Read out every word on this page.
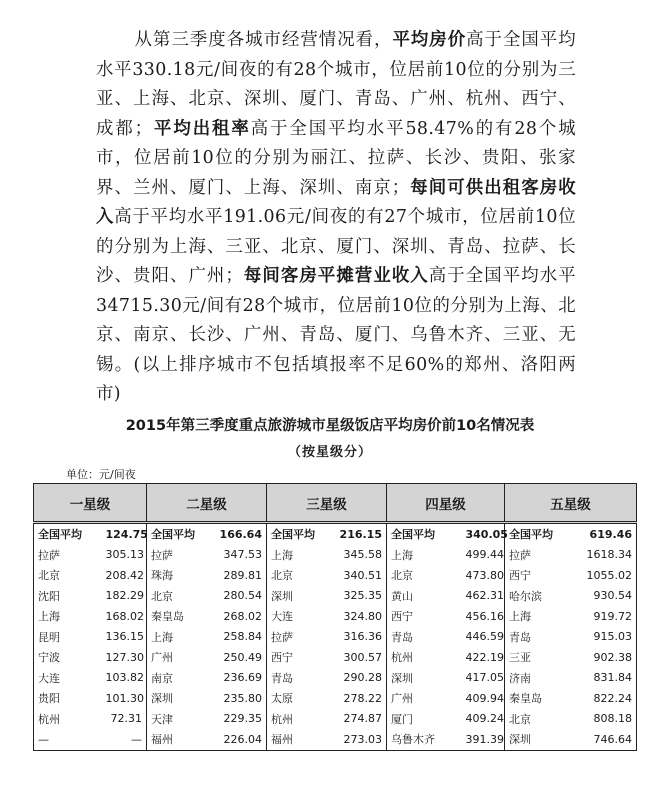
从第三季度各城市经营情况看，平均房价高于全国平均水平330.18元/间夜的有28个城市，位居前10位的分别为三亚、上海、北京、深圳、厦门、青岛、广州、杭州、西宁、成都；平均出租率高于全国平均水平58.47%的有28个城市，位居前10位的分别为丽江、拉萨、长沙、贵阳、张家界、兰州、厦门、上海、深圳、南京；每间可供出租客房收入高于平均水平191.06元/间夜的有27个城市，位居前10位的分别为上海、三亚、北京、厦门、深圳、青岛、拉萨、长沙、贵阳、广州；每间客房平摊营业收入高于全国平均水平34715.30元/间有28个城市，位居前10位的分别为上海、北京、南京、长沙、广州、青岛、厦门、乌鲁木齐、三亚、无锡。(以上排序城市不包括填报率不足60%的郑州、洛阳两市)
2015年第三季度重点旅游城市星级饭店平均房价前10名情况表
（按星级分）
单位：元/间夜
一星级		二星级		三星级		四星级		五星级	
全国平均	124.75	全国平均	166.64	全国平均	216.15	全国平均	340.05	全国平均	619.46
拉萨	305.13	拉萨	347.53	上海	345.58	上海	499.44	拉萨	1618.34
北京	208.42	珠海	289.81	北京	340.51	北京	473.80	西宁	1055.02
沈阳	182.29	北京	280.54	深圳	325.35	黄山	462.31	哈尔滨	930.54
上海	168.02	秦皇岛	268.02	大连	324.80	西宁	456.16	上海	919.72
昆明	136.15	上海	258.84	拉萨	316.36	青岛	446.59	青岛	915.03
宁波	127.30	广州	250.49	西宁	300.57	杭州	422.19	三亚	902.38
大连	103.82	南京	236.69	青岛	290.28	深圳	417.05	济南	831.84
贵阳	101.30	深圳	235.80	太原	278.22	广州	409.94	秦皇岛	822.24
杭州	72.31	天津	229.35	杭州	274.87	厦门	409.24	北京	808.18
—	—	福州	226.04	福州	273.03	乌鲁木齐	391.39	深圳	746.64
